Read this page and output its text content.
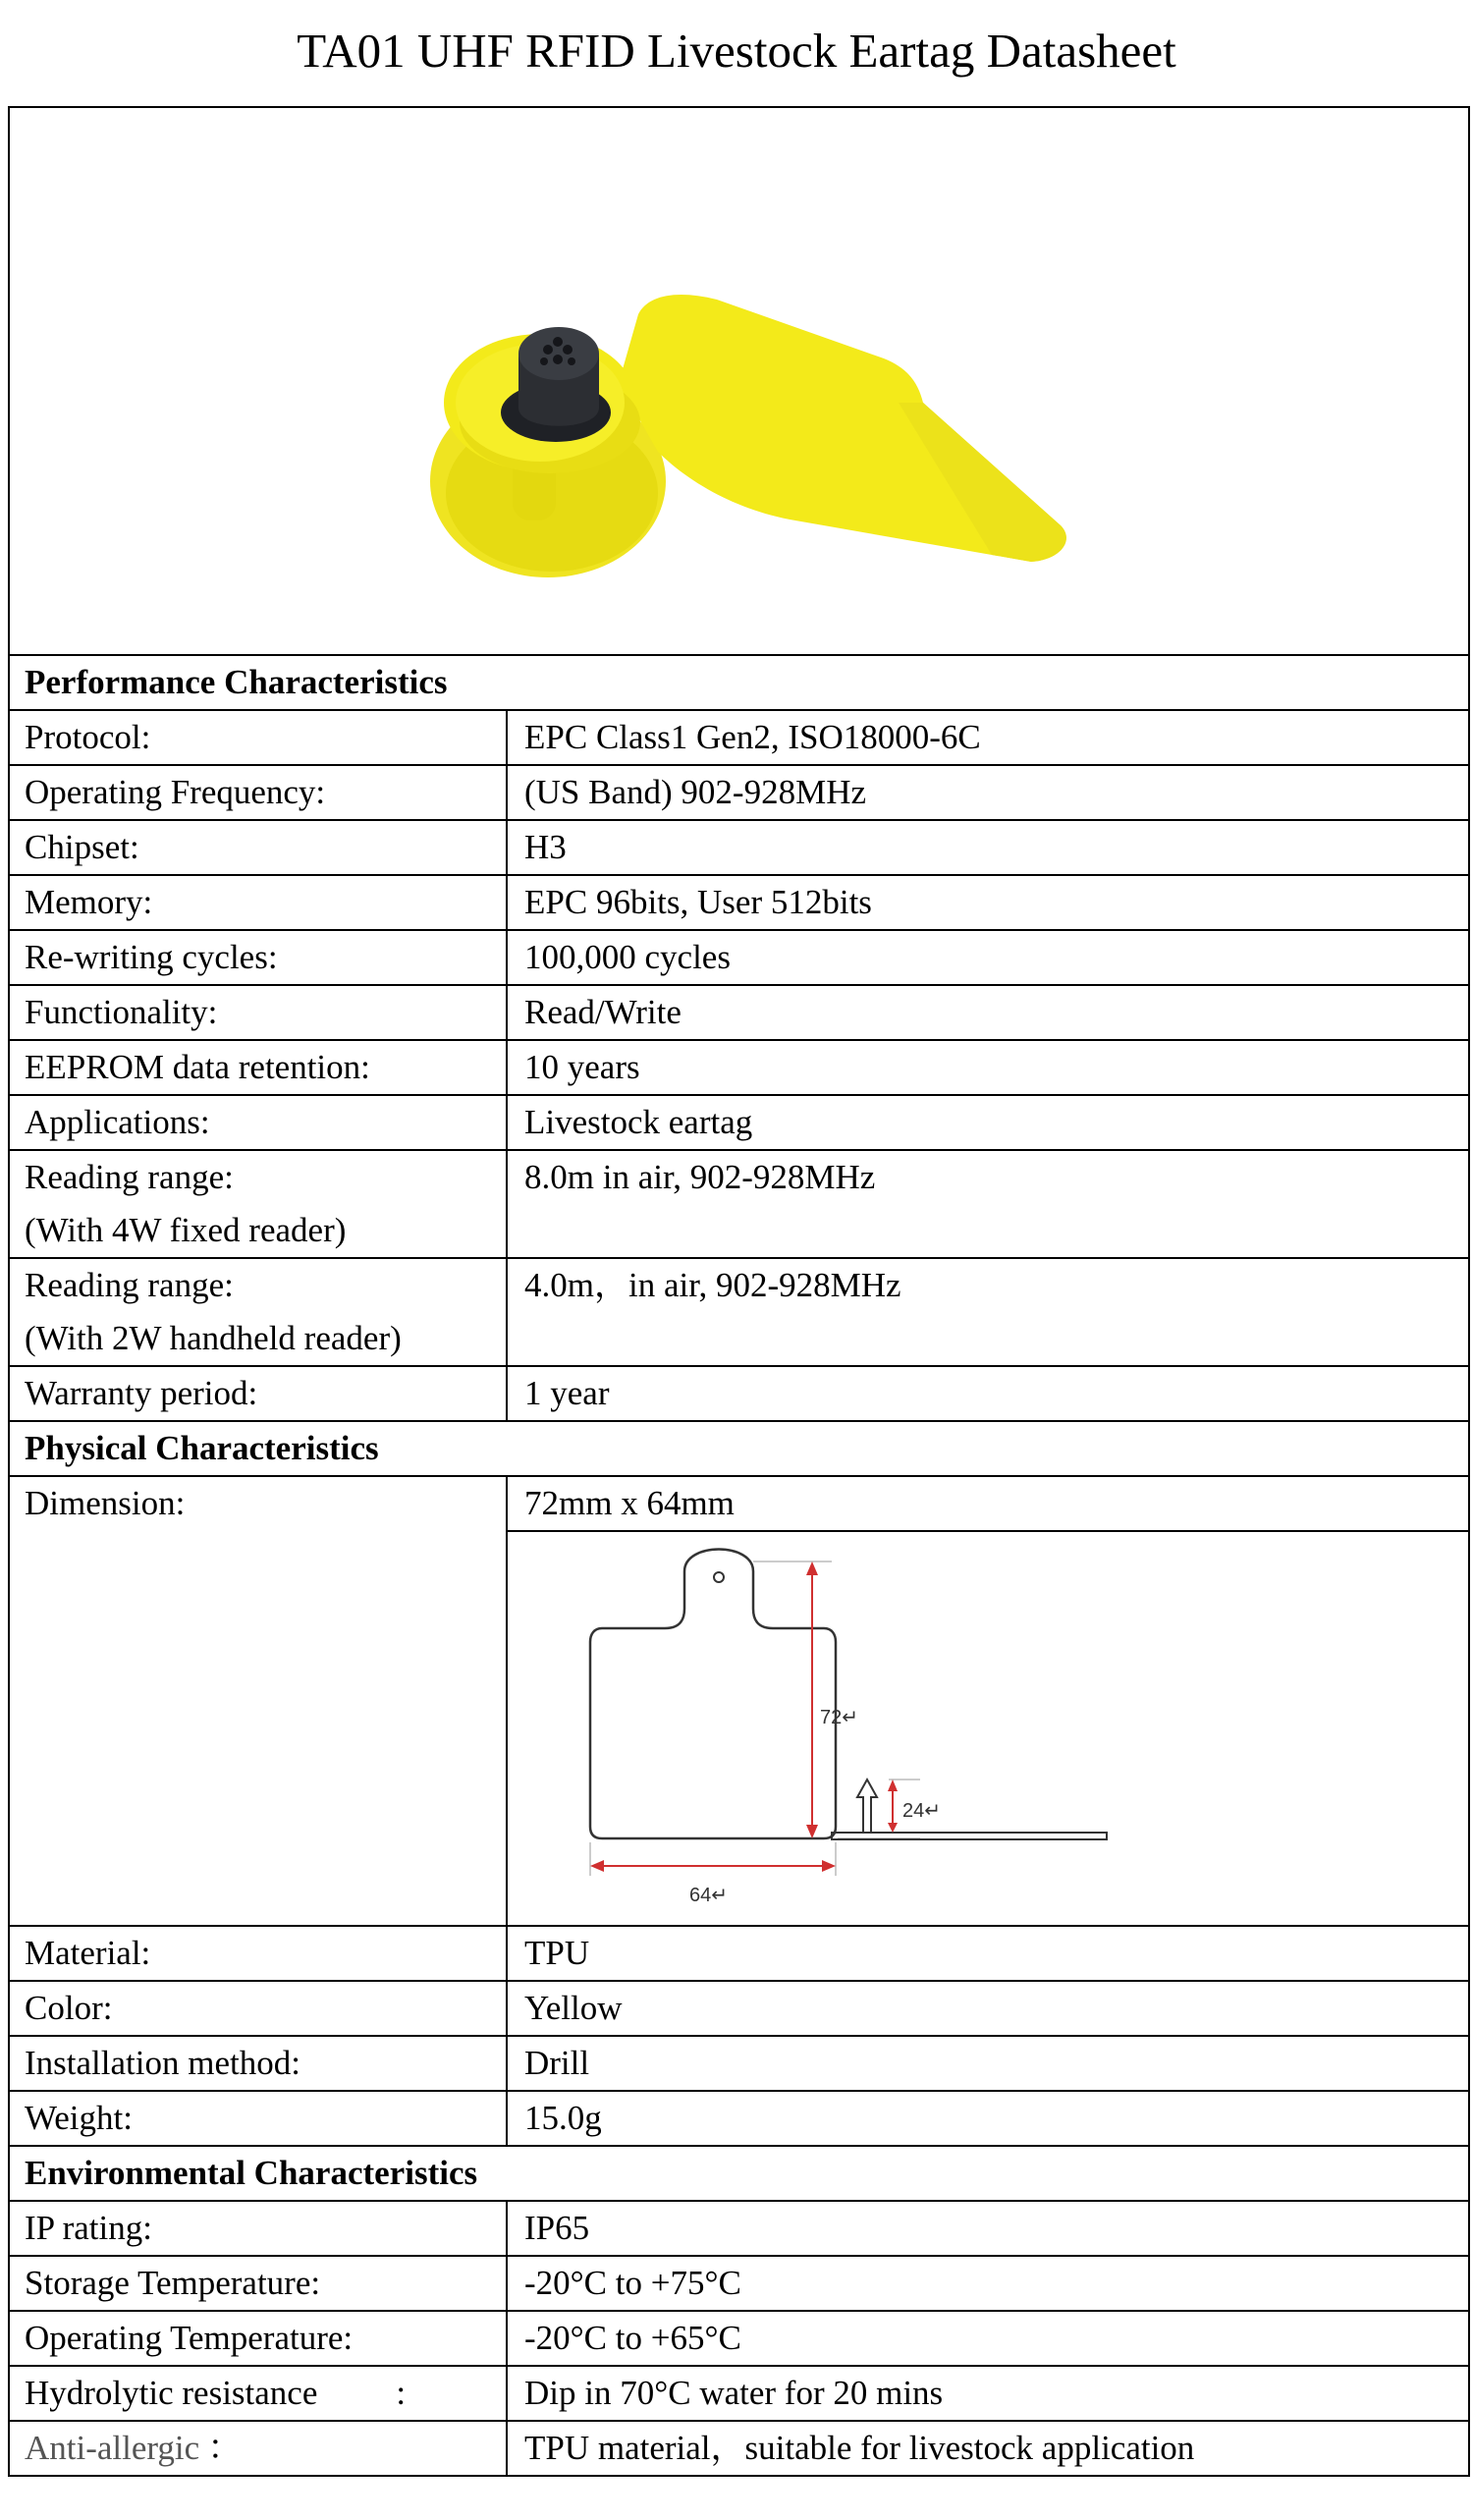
TA01 UHF RFID Livestock Eartag Datasheet

Performance Characteristics	
Protocol:	EPC Class1 Gen2, ISO18000-6C
Operating Frequency:	(US Band) 902-928MHz
Chipset:	H3
Memory:	EPC 96bits, User 512bits
Re-writing cycles:	100,000 cycles
Functionality:	Read/Write
EEPROM data retention:	10 years
Applications:	Livestock eartag

Reading range:
(With 4W fixed reader)	8.0m in air, 902-928MHz

Reading range:
(With 2W handheld reader)	4.0m，in air, 902-928MHz
Warranty period:	1 year
Physical Characteristics	
Dimension:	72mm x 64mm

72↵
64↵
24↵

Material:	TPU
Color:	Yellow
Installation method:	Drill
Weight:	15.0g
Environmental Characteristics	
IP rating:	IP65
Storage Temperature:	-20°C to +75°C
Operating Temperature:	-20°C to +65°C
Hydrolytic resistance :	Dip in 70°C water for 20 mins
Anti-allergic ：	TPU material，suitable for livestock application
